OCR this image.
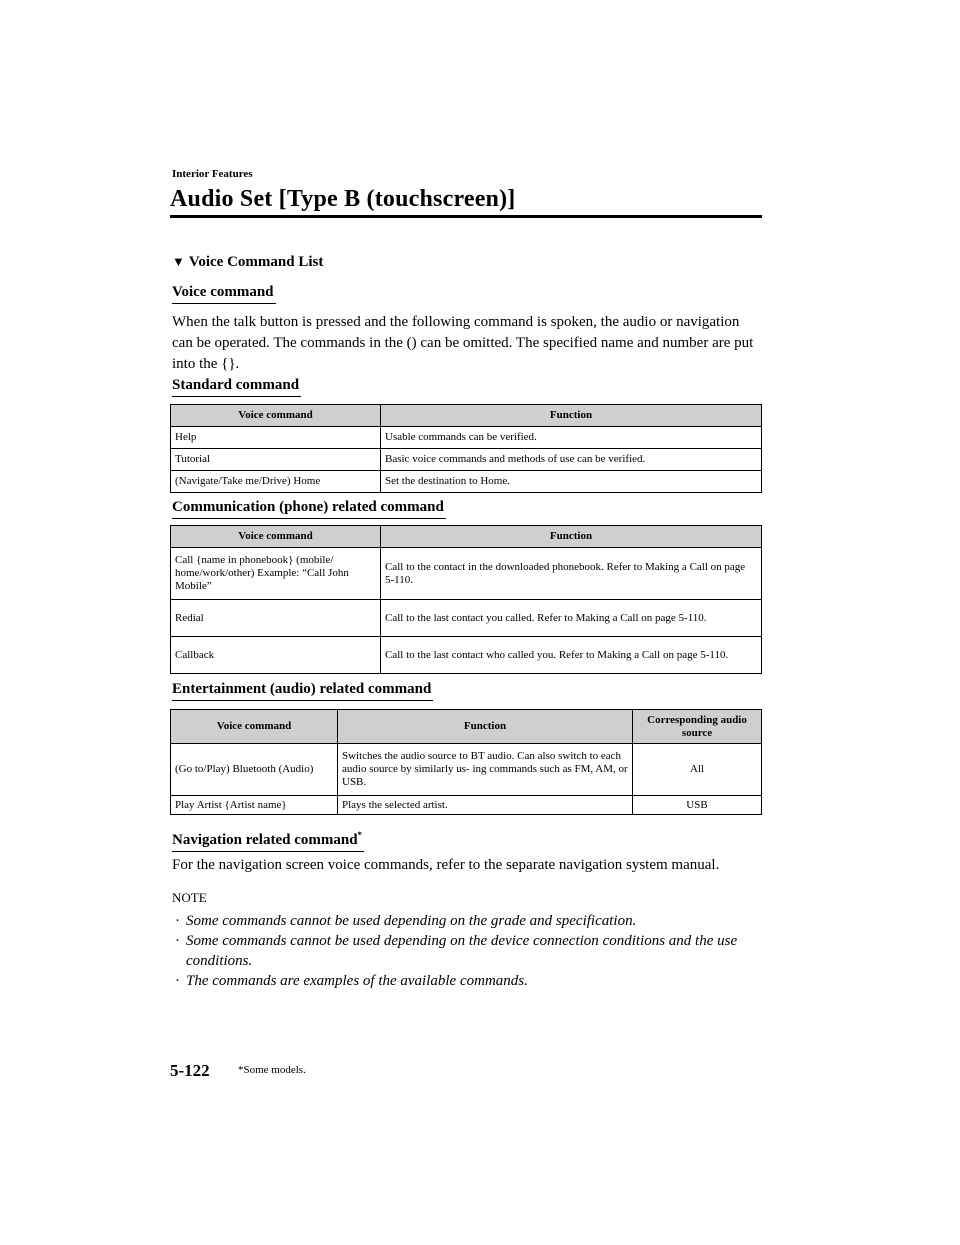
Interior Features
Audio Set [Type B (touchscreen)]
▼ Voice Command List
Voice command
When the talk button is pressed and the following command is spoken, the audio or navigation can be operated. The commands in the () can be omitted. The specified name and number are put into the {}.
Standard command
Voice command	Function
Help	Usable commands can be verified.
Tutorial	Basic voice commands and methods of use can be verified.
(Navigate/Take me/Drive) Home	Set the destination to Home.
Communication (phone) related command
Voice command	Function
Call {name in phonebook} (mobile/ home/work/other) Example: “Call John Mobile”	Call to the contact in the downloaded phonebook. Refer to Making a Call on page 5-110.
Redial	Call to the last contact you called. Refer to Making a Call on page 5-110.
Callback	Call to the last contact who called you. Refer to Making a Call on page 5-110.
Entertainment (audio) related command
Voice command	Function	Corresponding audio source
(Go to/Play) Bluetooth (Audio)	Switches the audio source to BT audio. Can also switch to each audio source by similarly us- ing commands such as FM, AM, or USB.	All
Play Artist {Artist name}	Plays the selected artist.	USB
Navigation related command*
For the navigation screen voice commands, refer to the separate navigation system manual.
NOTE
· Some commands cannot be used depending on the grade and specification.
· Some commands cannot be used depending on the device connection conditions and the use conditions.
· The commands are examples of the available commands.
5-122	*Some models.
